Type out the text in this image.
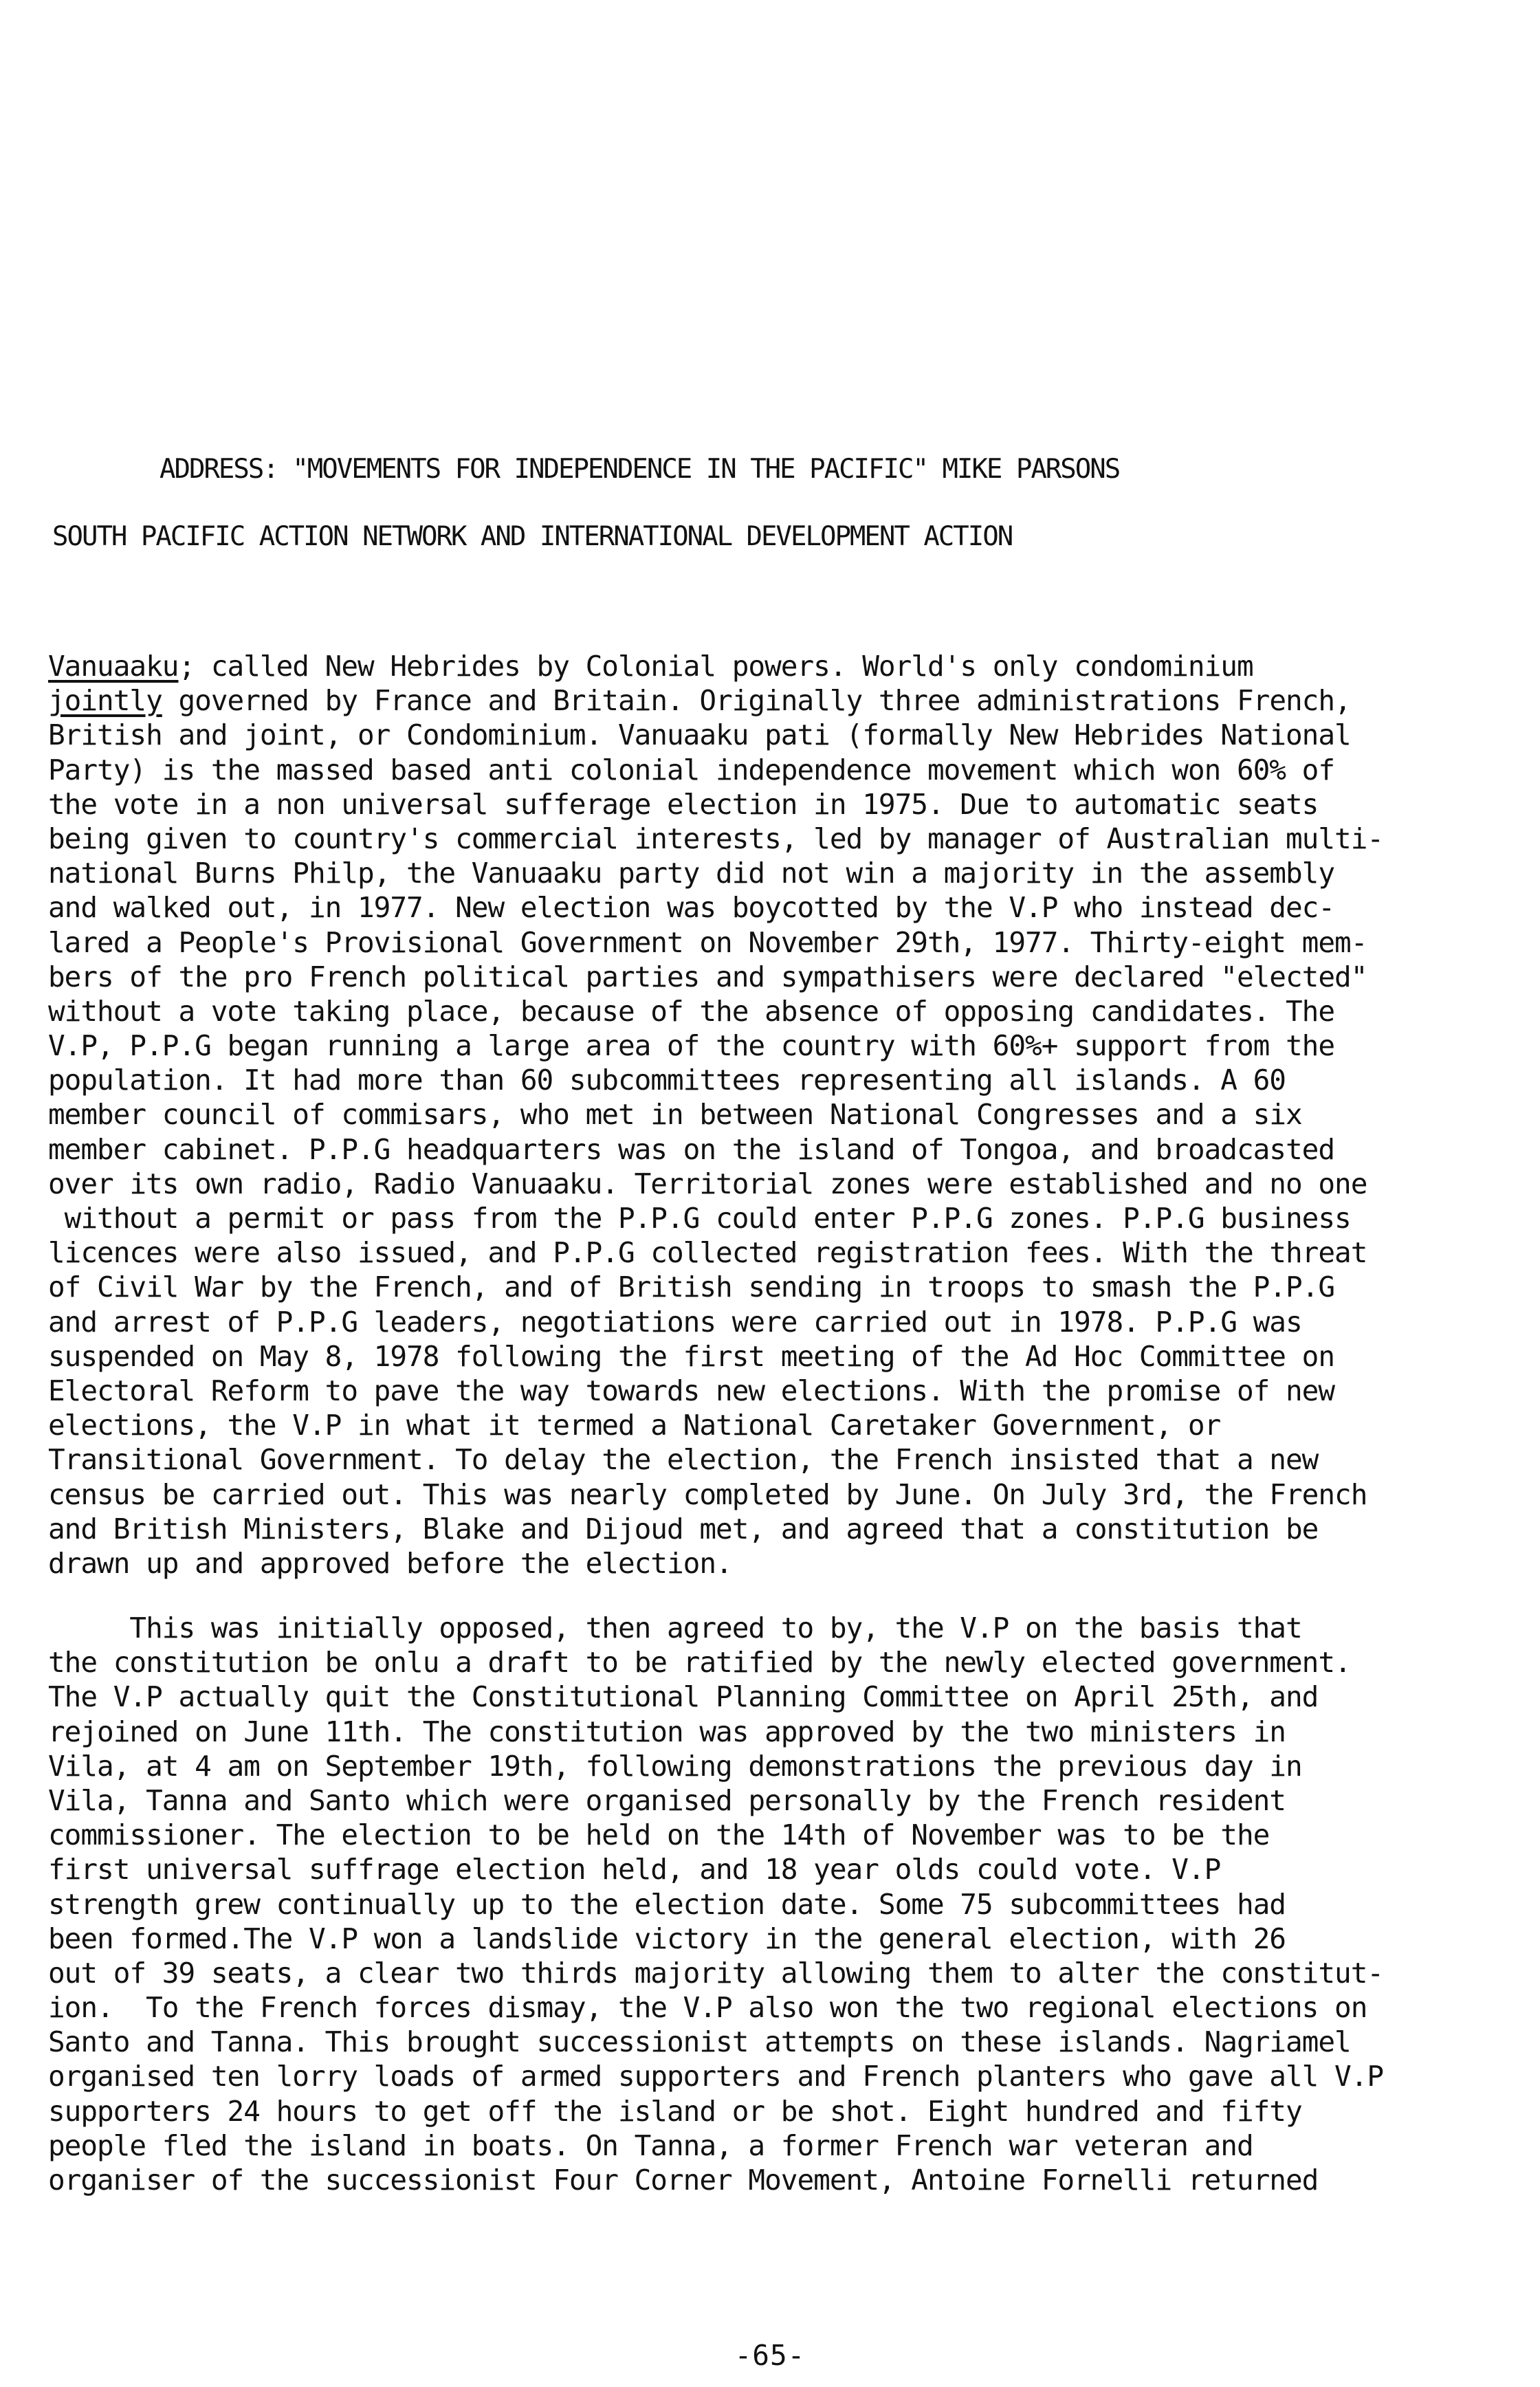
ADDRESS: "MOVEMENTS FOR INDEPENDENCE IN THE PACIFIC" MIKE PARSONS
SOUTH PACIFIC ACTION NETWORK AND INTERNATIONAL DEVELOPMENT ACTION
Vanuaaku; called New Hebrides by Colonial powers. World's only condominium
jointly governed by France and Britain. Originally three administrations French,
British and joint, or Condominium. Vanuaaku pati (formally New Hebrides National
Party) is the massed based anti colonial independence movement which won 60% of
the vote in a non universal sufferage election in 1975. Due to automatic seats
being given to country's commercial interests, led by manager of Australian multi-
national Burns Philp, the Vanuaaku party did not win a majority in the assembly
and walked out, in 1977. New election was boycotted by the V.P who instead dec-
lared a People's Provisional Government on November 29th, 1977. Thirty-eight mem-
bers of the pro French political parties and sympathisers were declared "elected"
without a vote taking place, because of the absence of opposing candidates. The
V.P, P.P.G began running a large area of the country with 60%+ support from the
population. It had more than 60 subcommittees representing all islands. A 60
member council of commisars, who met in between National Congresses and a six
member cabinet. P.P.G headquarters was on the island of Tongoa, and broadcasted
over its own radio, Radio Vanuaaku. Territorial zones were established and no one
without a permit or pass from the P.P.G could enter P.P.G zones. P.P.G business
licences were also issued, and P.P.G collected registration fees. With the threat
of Civil War by the French, and of British sending in troops to smash the P.P.G
and arrest of P.P.G leaders, negotiations were carried out in 1978. P.P.G was
suspended on May 8, 1978 following the first meeting of the Ad Hoc Committee on
Electoral Reform to pave the way towards new elections. With the promise of new
elections, the V.P in what it termed a National Caretaker Government, or
Transitional Government. To delay the election, the French insisted that a new
census be carried out. This was nearly completed by June. On July 3rd, the French
and British Ministers, Blake and Dijoud met, and agreed that a constitution be
drawn up and approved before the election.
This was initially opposed, then agreed to by, the V.P on the basis that
the constitution be onlu a draft to be ratified by the newly elected government.
The V.P actually quit the Constitutional Planning Committee on April 25th, and
rejoined on June 11th. The constitution was approved by the two ministers in
Vila, at 4 am on September 19th, following demonstrations the previous day in
Vila, Tanna and Santo which were organised personally by the French resident
commissioner. The election to be held on the 14th of November was to be the
first universal suffrage election held, and 18 year olds could vote. V.P
strength grew continually up to the election date. Some 75 subcommittees had
been formed.The V.P won a landslide victory in the general election, with 26
out of 39 seats, a clear two thirds majority allowing them to alter the constitut-
ion.  To the French forces dismay, the V.P also won the two regional elections on
Santo and Tanna. This brought successionist attempts on these islands. Nagriamel
organised ten lorry loads of armed supporters and French planters who gave all V.P
supporters 24 hours to get off the island or be shot. Eight hundred and fifty
people fled the island in boats. On Tanna, a former French war veteran and
organiser of the successionist Four Corner Movement, Antoine Fornelli returned
-65-
